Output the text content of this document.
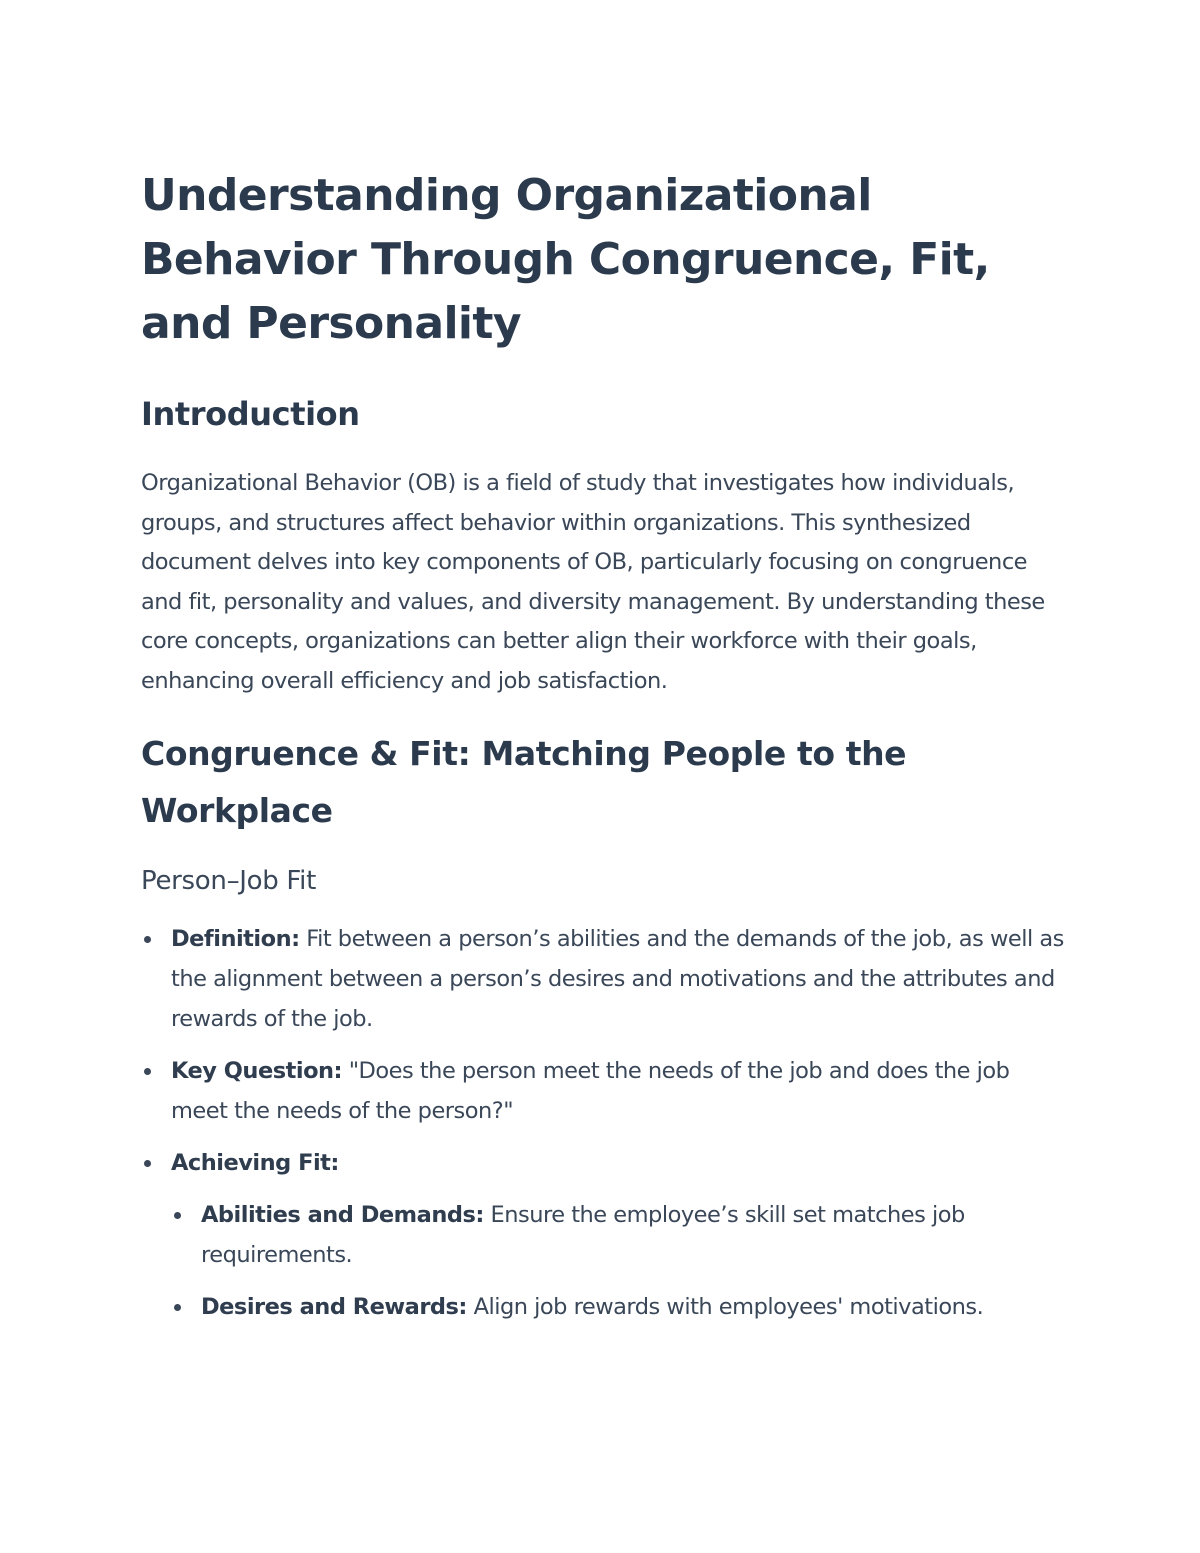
Understanding Organizational Behavior Through Congruence, Fit, and Personality
Introduction

Organizational Behavior (OB) is a field of study that investigates how individuals, groups, and structures affect behavior within organizations. This synthesized document delves into key components of OB, particularly focusing on congruence and fit, personality and values, and diversity management. By understanding these core concepts, organizations can better align their workforce with their goals, enhancing overall efficiency and job satisfaction.

Congruence & Fit: Matching People to the Workplace
Person–Job Fit
Definition: Fit between a person’s abilities and the demands of the job, as well as the alignment between a person’s desires and motivations and the attributes and rewards of the job.
Key Question: "Does the person meet the needs of the job and does the job meet the needs of the person?"
Achieving Fit:
Abilities and Demands: Ensure the employee’s skill set matches job requirements.
Desires and Rewards: Align job rewards with employees' motivations.
